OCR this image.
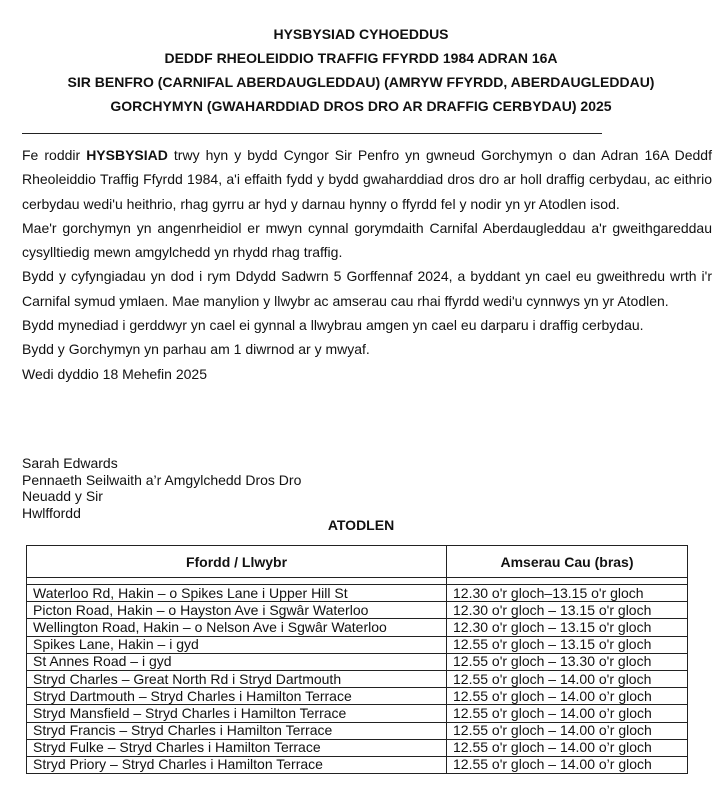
HYSBYSIAD CYHOEDDUS
DEDDF RHEOLEIDDIO TRAFFIG FFYRDD 1984 ADRAN 16A
SIR BENFRO (CARNIFAL ABERDAUGLEDDAU) (AMRYW FFYRDD, ABERDAUGLEDDAU)
GORCHYMYN (GWAHARDDIAD DROS DRO AR DRAFFIG CERBYDAU) 2025

Fe roddir HYSBYSIAD trwy hyn y bydd Cyngor Sir Penfro yn gwneud Gorchymyn o dan Adran 16A Deddf Rheoleiddio Traffig Ffyrdd 1984, a'i effaith fydd y bydd gwaharddiad dros dro ar holl draffig cerbydau, ac eithrio cerbydau wedi'u heithrio, rhag gyrru ar hyd y darnau hynny o ffyrdd fel y nodir yn yr Atodlen isod.

Mae'r gorchymyn yn angenrheidiol er mwyn cynnal gorymdaith Carnifal Aberdaugleddau a'r gweithgareddau cysylltiedig mewn amgylchedd yn rhydd rhag traffig.

Bydd y cyfyngiadau yn dod i rym Ddydd Sadwrn 5 Gorffennaf 2024, a byddant yn cael eu gweithredu wrth i'r Carnifal symud ymlaen. Mae manylion y llwybr ac amserau cau rhai ffyrdd wedi'u cynnwys yn yr Atodlen.

Bydd mynediad i gerddwyr yn cael ei gynnal a llwybrau amgen yn cael eu darparu i draffig cerbydau.

Bydd y Gorchymyn yn parhau am 1 diwrnod ar y mwyaf.

Wedi dyddio 18 Mehefin 2025

Sarah Edwards
Pennaeth Seilwaith a’r Amgylchedd Dros Dro
Neuadd y Sir
Hwlffordd
ATODLEN
Ffordd / Llwybr	Amserau Cau (bras)

Waterloo Rd, Hakin – o Spikes Lane i Upper Hill St	12.30 o'r gloch–13.15 o'r gloch
Picton Road, Hakin – o Hayston Ave i Sgwâr Waterloo	12.30 o'r gloch – 13.15 o'r gloch
Wellington Road, Hakin – o Nelson Ave i Sgwâr Waterloo	12.30 o'r gloch – 13.15 o'r gloch
Spikes Lane, Hakin – i gyd	12.55 o'r gloch – 13.15 o'r gloch
St Annes Road – i gyd	12.55 o'r gloch – 13.30 o'r gloch
Stryd Charles – Great North Rd i Stryd Dartmouth	12.55 o'r gloch – 14.00 o'r gloch
Stryd Dartmouth – Stryd Charles i Hamilton Terrace	12.55 o'r gloch – 14.00 o’r gloch
Stryd Mansfield – Stryd Charles i Hamilton Terrace	12.55 o'r gloch – 14.00 o’r gloch
Stryd Francis – Stryd Charles i Hamilton Terrace	12.55 o'r gloch – 14.00 o’r gloch
Stryd Fulke – Stryd Charles i Hamilton Terrace	12.55 o'r gloch – 14.00 o’r gloch
Stryd Priory – Stryd Charles i Hamilton Terrace	12.55 o'r gloch – 14.00 o’r gloch
